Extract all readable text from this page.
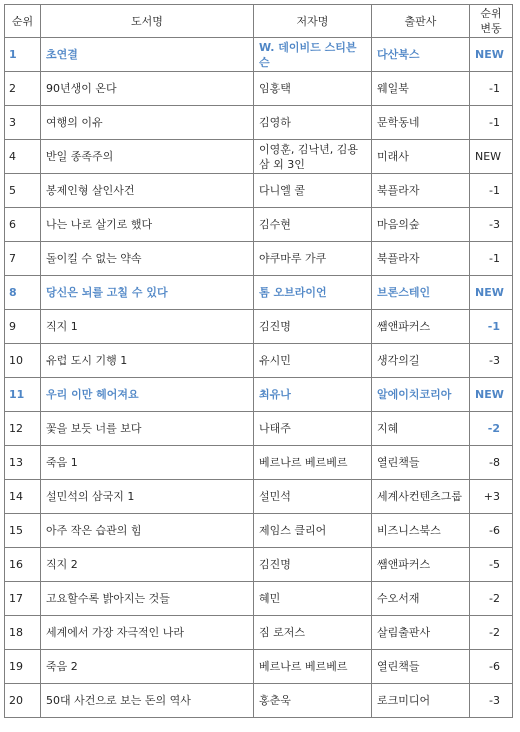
순위	도서명	저자명	출판사	순위
변동
1	초연결	W. 데이비드 스티븐슨	다산북스	NEW
2	90년생이 온다	임홍택	웨일북	-1
3	여행의 이유	김영하	문학동네	-1
4	반일 종족주의	이영훈, 김낙년, 김용삼 외 3인	미래사	NEW
5	봉제인형 살인사건	다니엘 콜	북플라자	-1
6	나는 나로 살기로 했다	김수현	마음의숲	-3
7	돌이킬 수 없는 약속	야쿠마루 가쿠	북플라자	-1
8	당신은 뇌를 고칠 수 있다	톰 오브라이언	브론스테인	NEW
9	직지 1	김진명	쌤앤파커스	-1
10	유럽 도시 기행 1	유시민	생각의길	-3
11	우리 이만 헤어져요	최유나	알에이치코리아	NEW
12	꽃을 보듯 너를 보다	나태주	지혜	-2
13	죽음 1	베르나르 베르베르	열린책들	-8
14	설민석의 삼국지 1	설민석	세계사컨텐츠그룹	+3
15	아주 작은 습관의 힘	제임스 클리어	비즈니스북스	-6
16	직지 2	김진명	쌤앤파커스	-5
17	고요할수록 밝아지는 것들	혜민	수오서재	-2
18	세계에서 가장 자극적인 나라	짐 로저스	살림출판사	-2
19	죽음 2	베르나르 베르베르	열린책들	-6
20	50대 사건으로 보는 돈의 역사	홍춘욱	로크미디어	-3
